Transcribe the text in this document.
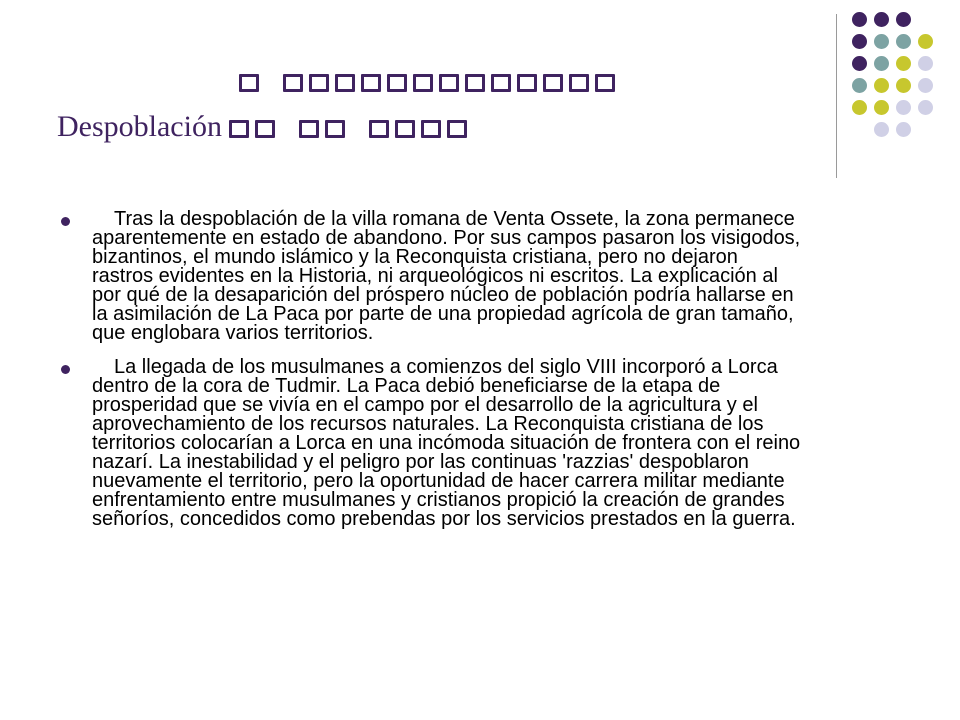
Despoblación

Tras la despoblación de la villa romana de Venta Ossete, la zona permanece
aparentemente en estado de abandono. Por sus campos pasaron los visigodos,
bizantinos, el mundo islámico y la Reconquista cristiana, pero no dejaron
rastros evidentes en la Historia, ni arqueológicos ni escritos. La explicación al
por qué de la desaparición del próspero núcleo de población podría hallarse en
la asimilación de La Paca por parte de una propiedad agrícola de gran tamaño,
que englobara varios territorios.
La llegada de los musulmanes a comienzos del siglo VIII incorporó a Lorca
dentro de la cora de Tudmir. La Paca debió beneficiarse de la etapa de
prosperidad que se vivía en el campo por el desarrollo de la agricultura y el
aprovechamiento de los recursos naturales. La Reconquista cristiana de los
territorios colocarían a Lorca en una incómoda situación de frontera con el reino
nazarí. La inestabilidad y el peligro por las continuas 'razzias' despoblaron
nuevamente el territorio, pero la oportunidad de hacer carrera militar mediante
enfrentamiento entre musulmanes y cristianos propició la creación de grandes
señoríos, concedidos como prebendas por los servicios prestados en la guerra.
